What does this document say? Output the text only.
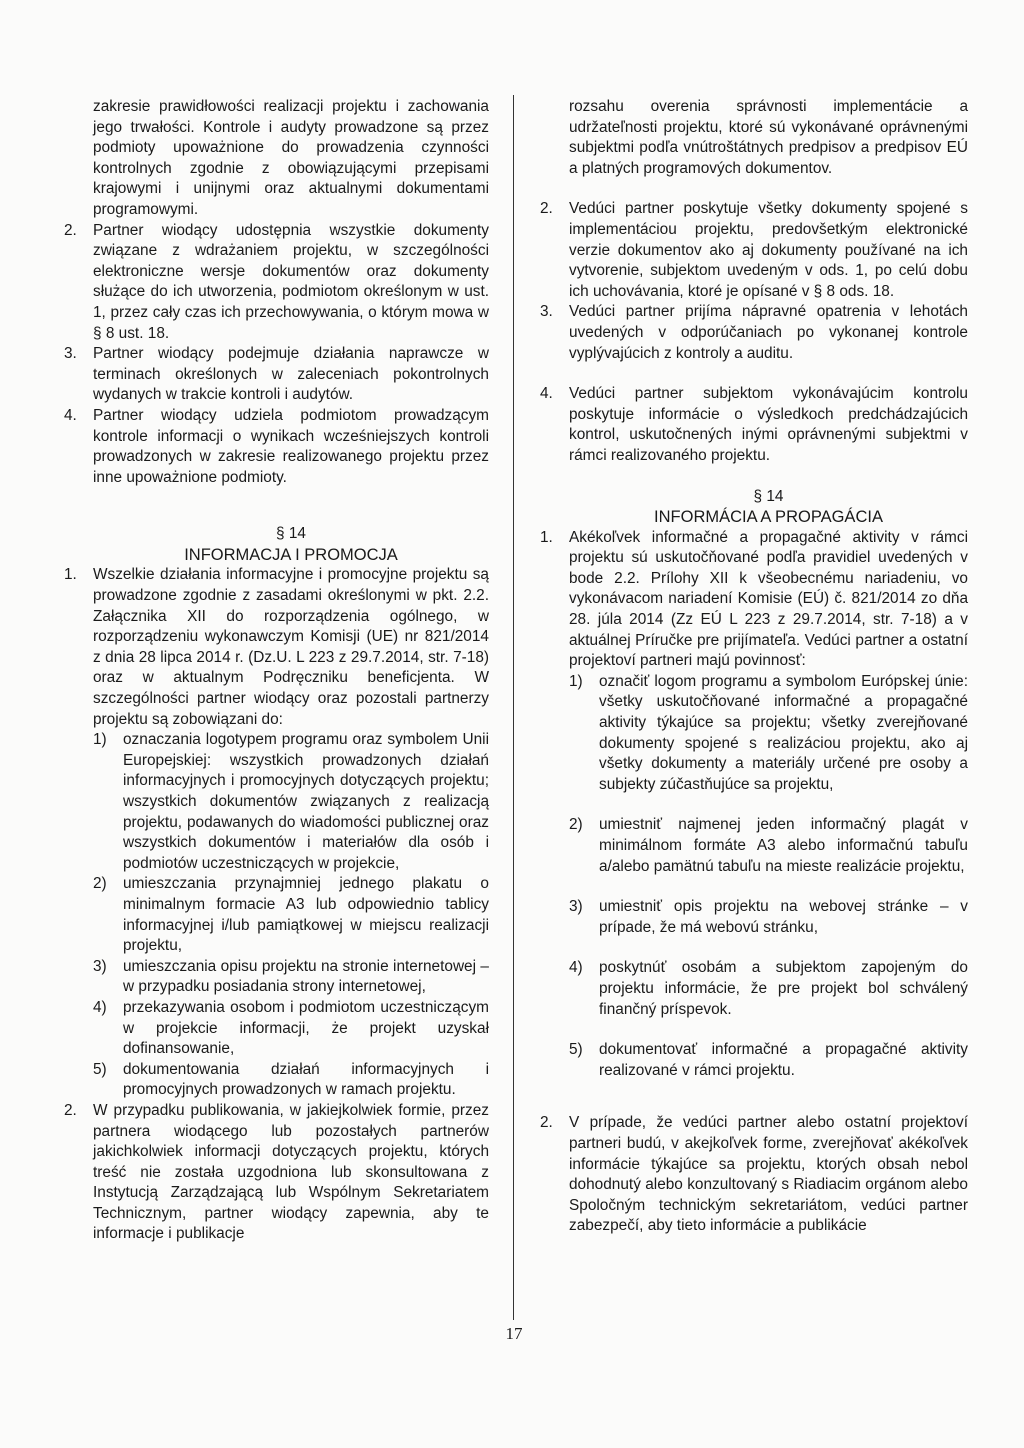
zakresie prawidłowości realizacji projektu i zachowania jego trwałości. Kontrole i audyty prowadzone są przez podmioty upoważnione do prowadzenia czynności kontrolnych zgodnie z obowiązującymi przepisami krajowymi i unijnymi oraz aktualnymi dokumentami programowymi.
2.	Partner wiodący udostępnia wszystkie dokumenty związane z wdrażaniem projektu, w szczególności elektroniczne wersje dokumentów oraz dokumenty służące do ich utworzenia, podmiotom określonym w ust. 1, przez cały czas ich przechowywania, o którym mowa w § 8 ust. 18.
3.	Partner wiodący podejmuje działania naprawcze w terminach określonych w zaleceniach pokontrolnych wydanych w trakcie kontroli i audytów.
4.	Partner wiodący udziela podmiotom prowadzącym kontrole informacji o wynikach wcześniejszych kontroli prowadzonych w zakresie realizowanego projektu przez inne upoważnione podmioty.
§ 14
INFORMACJA I PROMOCJA
1.	Wszelkie działania informacyjne i promocyjne projektu są prowadzone zgodnie z zasadami określonymi w pkt. 2.2. Załącznika XII do rozporządzenia ogólnego, w rozporządzeniu wykonawczym Komisji (UE) nr 821/2014 z dnia 28 lipca 2014 r. (Dz.U. L 223 z 29.7.2014, str. 7-18) oraz w aktualnym Podręczniku beneficjenta. W szczególności partner wiodący oraz pozostali partnerzy projektu są zobowiązani do:
1)	oznaczania logotypem programu oraz symbolem Unii Europejskiej: wszystkich prowadzonych działań informacyjnych i promocyjnych dotyczących projektu; wszystkich dokumentów związanych z realizacją projektu, podawanych do wiadomości publicznej oraz wszystkich dokumentów i materiałów dla osób i podmiotów uczestniczących w projekcie,
2)	umieszczania przynajmniej jednego plakatu o minimalnym formacie A3 lub odpowiednio tablicy informacyjnej i/lub pamiątkowej w miejscu realizacji projektu,
3)	umieszczania opisu projektu na stronie internetowej – w przypadku posiadania strony internetowej,
4)	przekazywania osobom i podmiotom uczestniczącym w projekcie informacji, że projekt uzyskał dofinansowanie,
5)	dokumentowania działań informacyjnych i promocyjnych prowadzonych w ramach projektu.
2.	W przypadku publikowania, w jakiejkolwiek formie, przez partnera wiodącego lub pozostałych partnerów jakichkolwiek informacji dotyczących projektu, których treść nie została uzgodniona lub skonsultowana z Instytucją Zarządzającą lub Wspólnym Sekretariatem Technicznym, partner wiodący zapewnia, aby te informacje i publikacje
rozsahu overenia správnosti implementácie a udržateľnosti projektu, ktoré sú vykonávané oprávnenými subjektmi podľa vnútroštátnych predpisov a predpisov EÚ a platných programových dokumentov.
2.	Vedúci partner poskytuje všetky dokumenty spojené s implementáciou projektu, predovšetkým elektronické verzie dokumentov ako aj dokumenty používané na ich vytvorenie, subjektom uvedeným v ods. 1, po celú dobu ich uchovávania, ktoré je opísané v § 8 ods. 18.
3.	Vedúci partner prijíma nápravné opatrenia v lehotách uvedených v odporúčaniach po vykonanej kontrole vyplývajúcich z kontroly a auditu.
4.	Vedúci partner subjektom vykonávajúcim kontrolu poskytuje informácie o výsledkoch predchádzajúcich kontrol, uskutočnených inými oprávnenými subjektmi v rámci realizovaného projektu.
§ 14
INFORMÁCIA A PROPAGÁCIA
1.	Akékoľvek informačné a propagačné aktivity v rámci projektu sú uskutočňované podľa pravidiel uvedených v bode 2.2. Prílohy XII k všeobecnému nariadeniu, vo vykonávacom nariadení Komisie (EÚ) č. 821/2014 zo dňa 28. júla 2014 (Zz EÚ L 223 z 29.7.2014, str. 7-18) a v aktuálnej Príručke pre prijímateľa. Vedúci partner a ostatní projektoví partneri majú povinnosť:
1)	označiť logom programu a symbolom Európskej únie: všetky uskutočňované informačné a propagačné aktivity týkajúce sa projektu; všetky zverejňované dokumenty spojené s realizáciou projektu, ako aj všetky dokumenty a materiály určené pre osoby a subjekty zúčastňujúce sa projektu,
2)	umiestniť najmenej jeden informačný plagát v minimálnom formáte A3 alebo informačnú tabuľu a/alebo pamätnú tabuľu na mieste realizácie projektu,
3)	umiestniť opis projektu na webovej stránke – v prípade, že má webovú stránku,
4)	poskytnúť osobám a subjektom zapojeným do projektu informácie, že pre projekt bol schválený finančný príspevok.
5)	dokumentovať informačné a propagačné aktivity realizované v rámci projektu.
2.	V prípade, že vedúci partner alebo ostatní projektoví partneri budú, v akejkoľvek forme, zverejňovať akékoľvek informácie týkajúce sa projektu, ktorých obsah nebol dohodnutý alebo konzultovaný s Riadiacim orgánom alebo Spoločným technickým sekretariátom, vedúci partner zabezpečí, aby tieto informácie a publikácie
17
